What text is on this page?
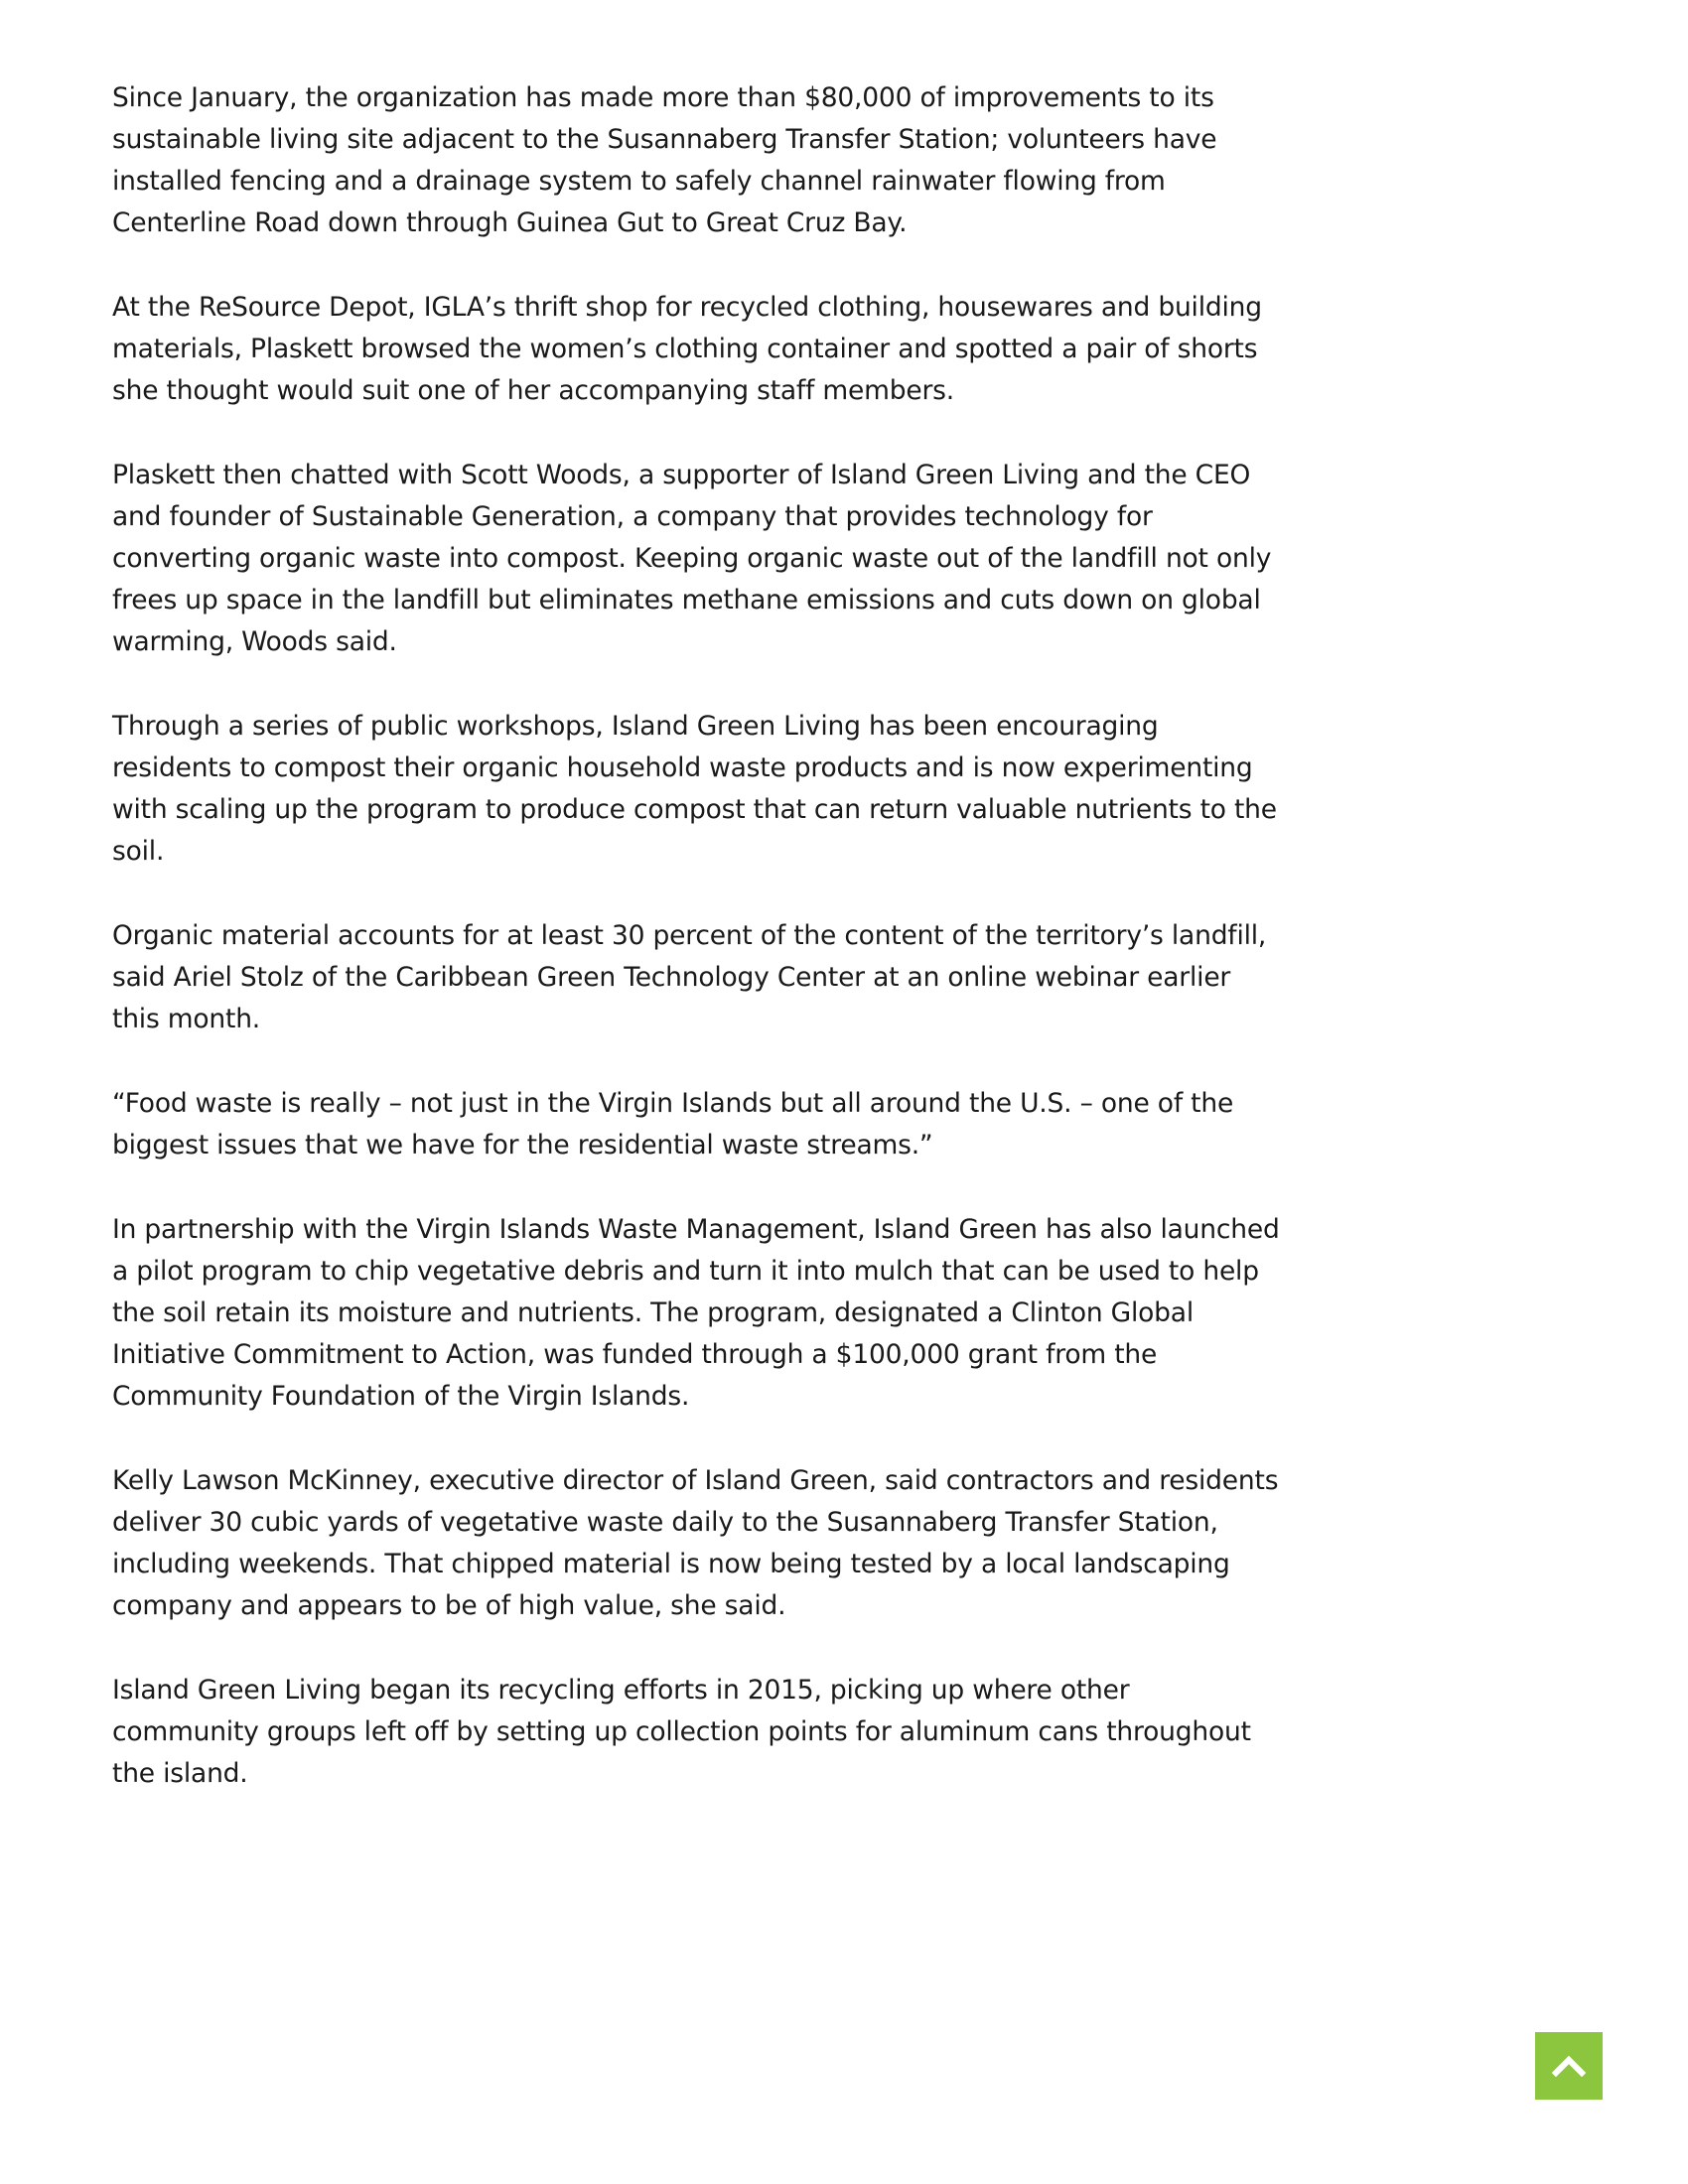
Since January, the organization has made more than $80,000 of improvements to its sustainable living site adjacent to the Susannaberg Transfer Station; volunteers have installed fencing and a drainage system to safely channel rainwater flowing from Centerline Road down through Guinea Gut to Great Cruz Bay.

At the ReSource Depot, IGLA’s thrift shop for recycled clothing, housewares and building materials, Plaskett browsed the women’s clothing container and spotted a pair of shorts she thought would suit one of her accompanying staff members.

Plaskett then chatted with Scott Woods, a supporter of Island Green Living and the CEO and founder of Sustainable Generation, a company that provides technology for converting organic waste into compost. Keeping organic waste out of the landfill not only frees up space in the landfill but eliminates methane emissions and cuts down on global warming, Woods said.

Through a series of public workshops, Island Green Living has been encouraging residents to compost their organic household waste products and is now experimenting with scaling up the program to produce compost that can return valuable nutrients to the soil.

Organic material accounts for at least 30 percent of the content of the territory’s landfill, said Ariel Stolz of the Caribbean Green Technology Center at an online webinar earlier this month.

“Food waste is really – not just in the Virgin Islands but all around the U.S. – one of the biggest issues that we have for the residential waste streams.”

In partnership with the Virgin Islands Waste Management, Island Green has also launched a pilot program to chip vegetative debris and turn it into mulch that can be used to help the soil retain its moisture and nutrients. The program, designated a Clinton Global Initiative Commitment to Action, was funded through a $100,000 grant from the Community Foundation of the Virgin Islands.

Kelly Lawson McKinney, executive director of Island Green, said contractors and residents deliver 30 cubic yards of vegetative waste daily to the Susannaberg Transfer Station, including weekends. That chipped material is now being tested by a local landscaping company and appears to be of high value, she said.

Island Green Living began its recycling efforts in 2015, picking up where other community groups left off by setting up collection points for aluminum cans throughout the island.
